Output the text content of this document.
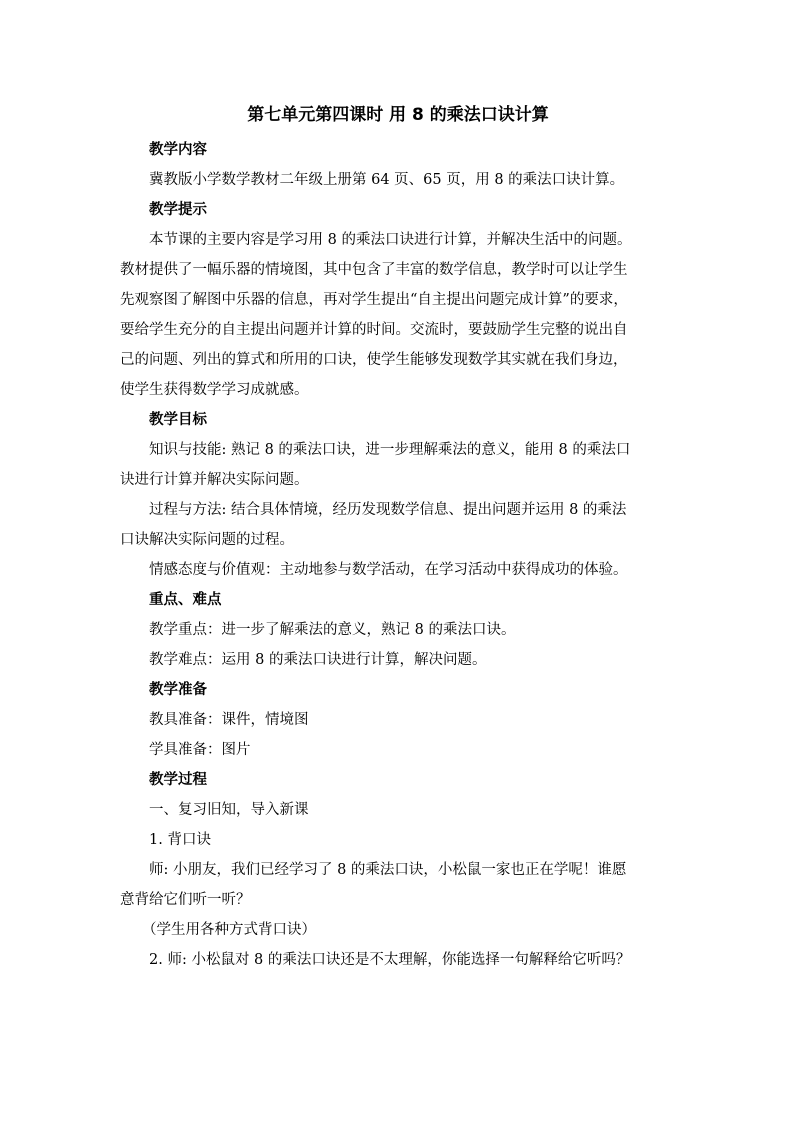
第七单元第四课时 用 8 的乘法口诀计算

教学内容

冀教版小学数学教材二年级上册第 64 页、65 页，用 8 的乘法口诀计算。

教学提示

本节课的主要内容是学习用 8 的乘法口诀进行计算，并解决生活中的问题。
教材提供了一幅乐器的情境图，其中包含了丰富的数学信息，教学时可以让学生
先观察图了解图中乐器的信息，再对学生提出“自主提出问题完成计算”的要求，
要给学生充分的自主提出问题并计算的时间。交流时，要鼓励学生完整的说出自
己的问题、列出的算式和所用的口诀，使学生能够发现数学其实就在我们身边，
使学生获得数学学习成就感。

教学目标

知识与技能: 熟记 8 的乘法口诀，进一步理解乘法的意义，能用 8 的乘法口
诀进行计算并解决实际问题。

过程与方法: 结合具体情境，经历发现数学信息、提出问题并运用 8 的乘法
口诀解决实际问题的过程。

情感态度与价值观：主动地参与数学活动，在学习活动中获得成功的体验。

重点、难点

教学重点：进一步了解乘法的意义，熟记 8 的乘法口诀。

教学难点：运用 8 的乘法口诀进行计算，解决问题。

教学准备

教具准备：课件，情境图

学具准备：图片

教学过程

一、复习旧知，导入新课

1. 背口诀

师: 小朋友，我们已经学习了 8 的乘法口诀，小松鼠一家也正在学呢！谁愿
意背给它们听一听？

（学生用各种方式背口诀）

2. 师: 小松鼠对 8 的乘法口诀还是不太理解，你能选择一句解释给它听吗？
